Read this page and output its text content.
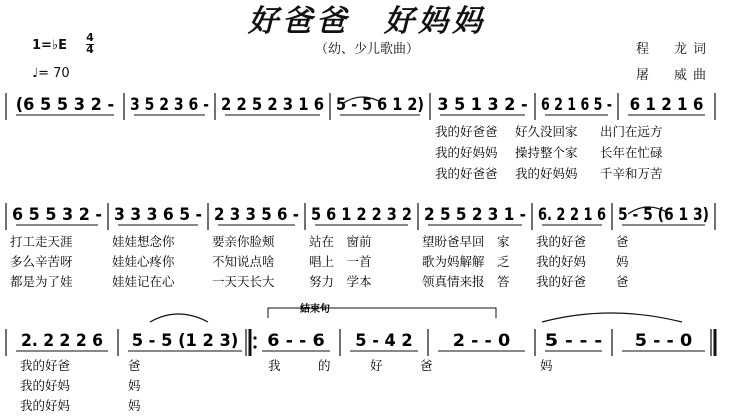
好爸爸　好妈妈
（幼、少儿歌曲）
1=♭E
4
4
♩= 70
程　龙词
屠　威曲
(6 5 5 3 2 - 3 5 2 3 6 - 2 2 5 2 3 1 6 5 - 5 6 1 2) 3 5 1 3 2 - 6 2 1 6 5 - 6 1 2 1 6
我的好爸爸 好久没回家 出门在远方
我的好妈妈 操持整个家 长年在忙碌
我的好爸爸 我的好妈妈 千辛和万苦
6 5 5 3 2 - 3 3 3 6 5 - 2 3 3 5 6 - 5 6 1 2 2 3 2 2 5 5 2 3 1 - 6. 2 2 1 6 5 - 5 (6 1 3)
打工走天涯	娃娃想念你	要亲你脸颊	站在　窗前	望盼爸早回　家 我的好爸 爸
多么辛苦呀	娃娃心疼你	不知说点啥	唱上　一首	歌为妈解解　乏 我的好妈 妈
都是为了娃	娃娃记在心	一天天长大	努力　学本	领真情来报　答 我的好爸 爸
2. 2 2 2 6 5 - 5 (1 2 3) 6 - - 6 5 - 4 2 2 - - 0 5 - - - 5 - - 0
我的好爸	爸
我的好妈	妈
我的好妈	妈
我	的	好	爸	妈
結束句
